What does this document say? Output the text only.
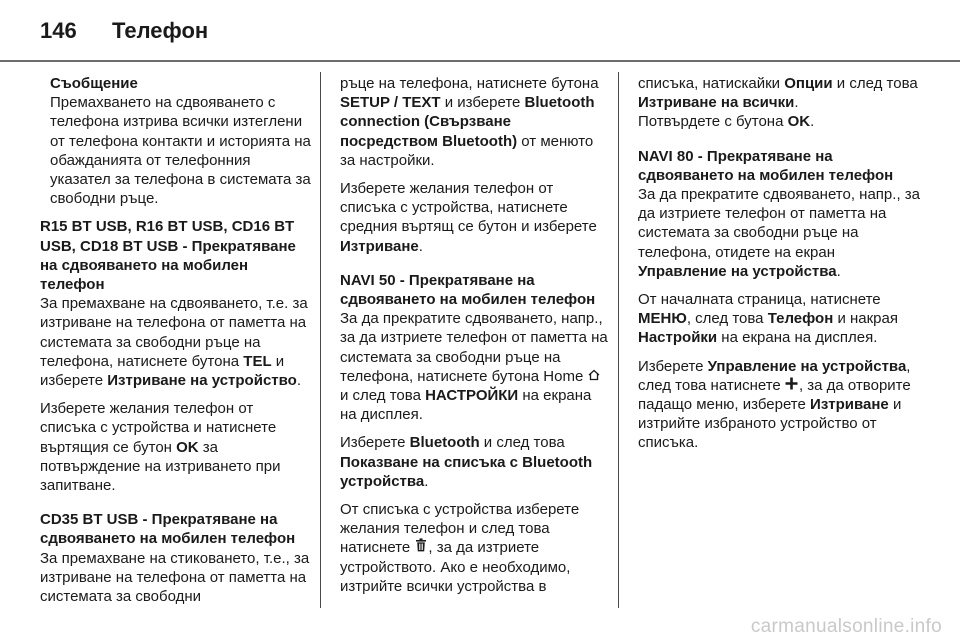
146 Телефон
Съобщение
Премахването на сдвояването с телефона изтрива всички изтеглени от телефона контакти и историята на обажданията от телефонния указател за телефона в системата за свободни ръце.
R15 BT USB, R16 BT USB, CD16 BT USB, CD18 BT USB - Прекратяване на сдвояването на мобилен телефон
За премахване на сдвояването, т.е. за изтриване на телефона от паметта на системата за свободни ръце на телефона, натиснете бутона TEL и изберете Изтриване на устройство.
Изберете желания телефон от списъка с устройства и натиснете въртящия се бутон OK за потвърждение на изтриването при запитване.
CD35 BT USB - Прекратяване на сдвояването на мобилен телефон
За премахване на стиковането, т.е., за изтриване на телефона от паметта на системата за свободни
ръце на телефона, натиснете бутона SETUP / TEXT и изберете Bluetooth connection (Свързване посредством Bluetooth) от менюто за настройки.
Изберете желания телефон от списъка с устройства, натиснете средния въртящ се бутон и изберете Изтриване.
NAVI 50 - Прекратяване на сдвояването на мобилен телефон
За да прекратите сдвояването, напр., за да изтриете телефон от паметта на системата за свободни ръце на телефона, натиснете бутона Home  и след това НАСТРОЙКИ на екрана на дисплея.
Изберете Bluetooth и след това Показване на списъка с Bluetooth устройства.
От списъка с устройства изберете желания телефон и след това натиснете , за да изтриете устройството. Ако е необходимо, изтрийте всички устройства в
списъка, натискайки Опции и след това Изтриване на всички.
Потвърдете с бутона OK.
NAVI 80 - Прекратяване на сдвояването на мобилен телефон
За да прекратите сдвояването, напр., за да изтриете телефон от паметта на системата за свободни ръце на телефона, отидете на екран Управление на устройства.
От началната страница, натиснете МЕНЮ, след това Телефон и накрая Настройки на екрана на дисплея.
Изберете Управление на устройства, след това натиснете , за да отворите падащо меню, изберете Изтриване и изтрийте избраното устройство от списъка.
carmanualsonline.info
